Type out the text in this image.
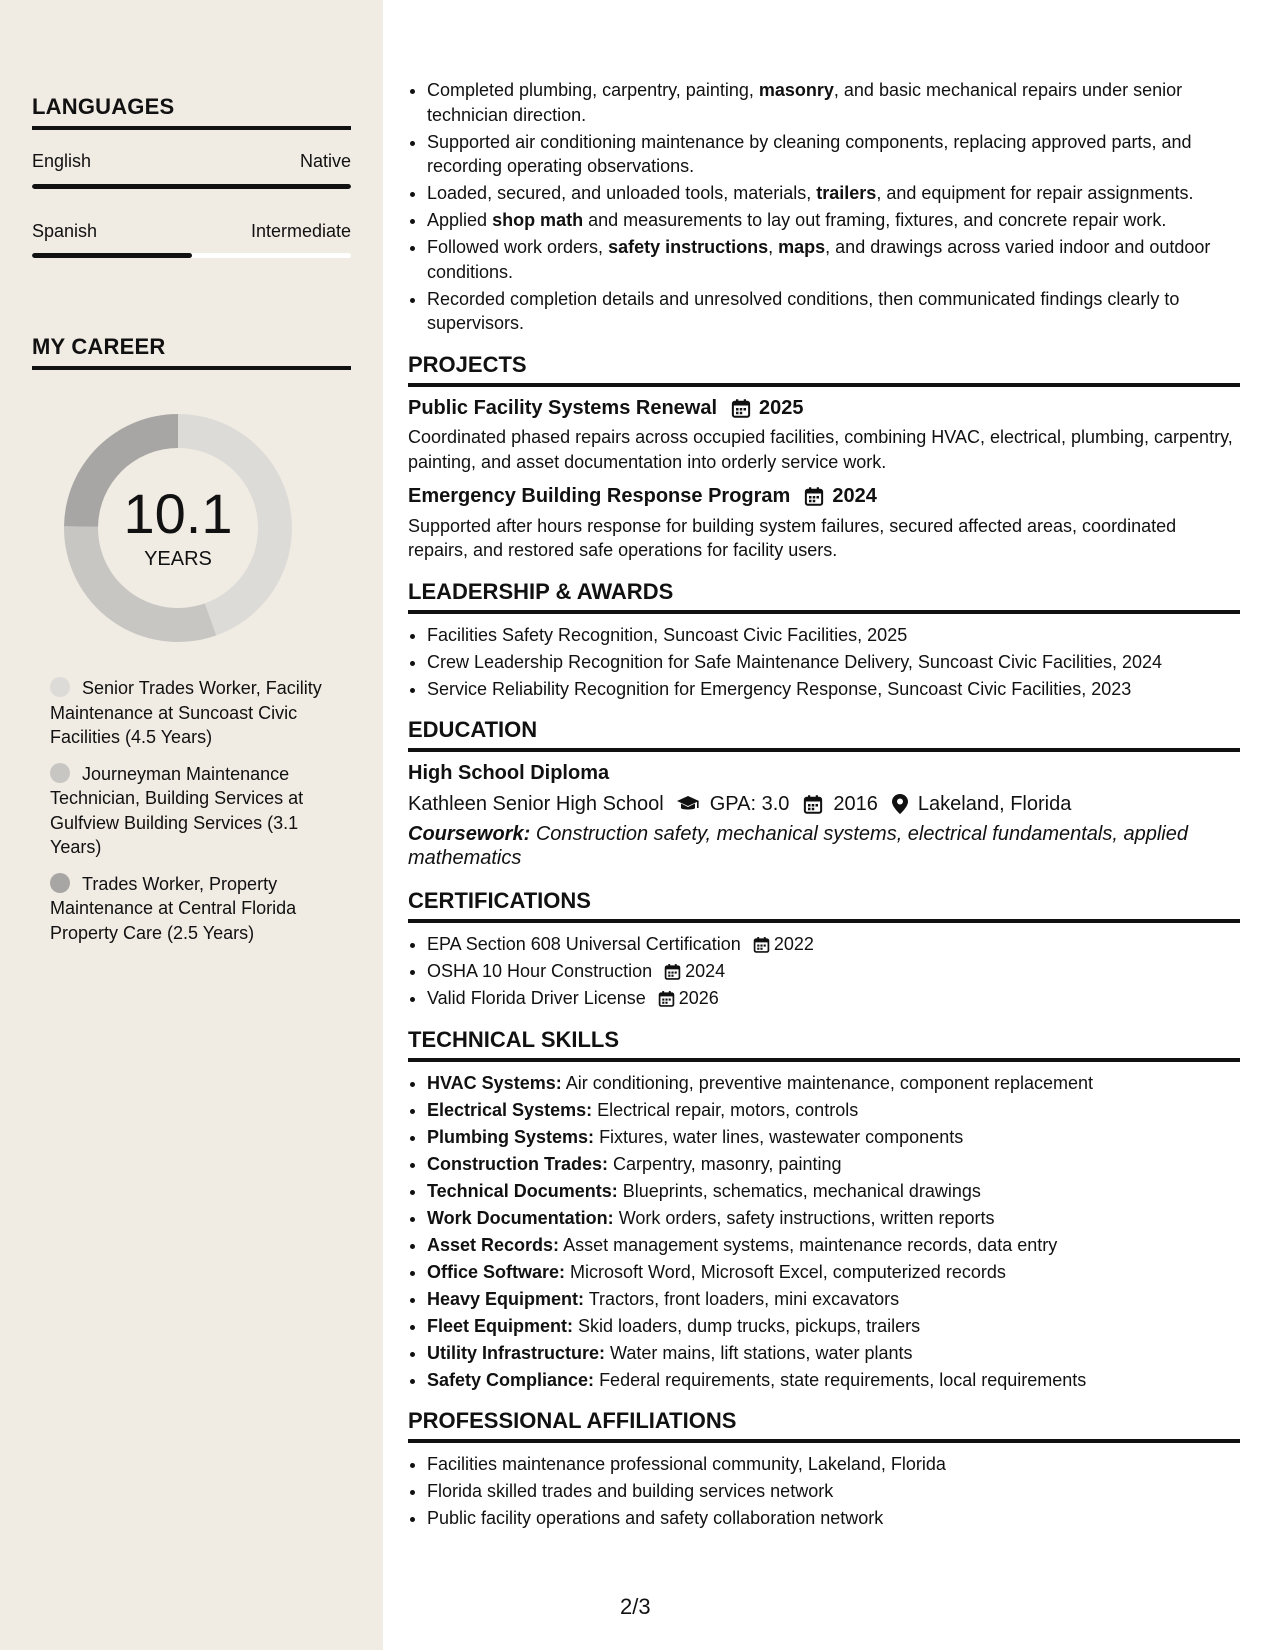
LANGUAGES
English	Native
Spanish	Intermediate
MY CAREER
10.1
YEARS
Senior Trades Worker, Facility Maintenance at Suncoast Civic Facilities (4.5 Years)
Journeyman Maintenance Technician, Building Services at Gulfview Building Services (3.1 Years)
Trades Worker, Property Maintenance at Central Florida Property Care (2.5 Years)
• Completed plumbing, carpentry, painting, masonry, and basic mechanical repairs under senior technician direction.
• Supported air conditioning maintenance by cleaning components, replacing approved parts, and recording operating observations.
• Loaded, secured, and unloaded tools, materials, trailers, and equipment for repair assignments.
• Applied shop math and measurements to lay out framing, fixtures, and concrete repair work.
• Followed work orders, safety instructions, maps, and drawings across varied indoor and outdoor conditions.
• Recorded completion details and unresolved conditions, then communicated findings clearly to supervisors.
PROJECTS
Public Facility Systems Renewal 2025
Coordinated phased repairs across occupied facilities, combining HVAC, electrical, plumbing, carpentry, painting, and asset documentation into orderly service work.
Emergency Building Response Program 2024
Supported after hours response for building system failures, secured affected areas, coordinated repairs, and restored safe operations for facility users.
LEADERSHIP & AWARDS
• Facilities Safety Recognition, Suncoast Civic Facilities, 2025
• Crew Leadership Recognition for Safe Maintenance Delivery, Suncoast Civic Facilities, 2024
• Service Reliability Recognition for Emergency Response, Suncoast Civic Facilities, 2023
EDUCATION
High School Diploma
Kathleen Senior High School GPA: 3.0 2016 Lakeland, Florida
Coursework: Construction safety, mechanical systems, electrical fundamentals, applied mathematics
CERTIFICATIONS
• EPA Section 608 Universal Certification 2022
• OSHA 10 Hour Construction 2024
• Valid Florida Driver License 2026
TECHNICAL SKILLS
• HVAC Systems: Air conditioning, preventive maintenance, component replacement
• Electrical Systems: Electrical repair, motors, controls
• Plumbing Systems: Fixtures, water lines, wastewater components
• Construction Trades: Carpentry, masonry, painting
• Technical Documents: Blueprints, schematics, mechanical drawings
• Work Documentation: Work orders, safety instructions, written reports
• Asset Records: Asset management systems, maintenance records, data entry
• Office Software: Microsoft Word, Microsoft Excel, computerized records
• Heavy Equipment: Tractors, front loaders, mini excavators
• Fleet Equipment: Skid loaders, dump trucks, pickups, trailers
• Utility Infrastructure: Water mains, lift stations, water plants
• Safety Compliance: Federal requirements, state requirements, local requirements
PROFESSIONAL AFFILIATIONS
• Facilities maintenance professional community, Lakeland, Florida
• Florida skilled trades and building services network
• Public facility operations and safety collaboration network
2/3
